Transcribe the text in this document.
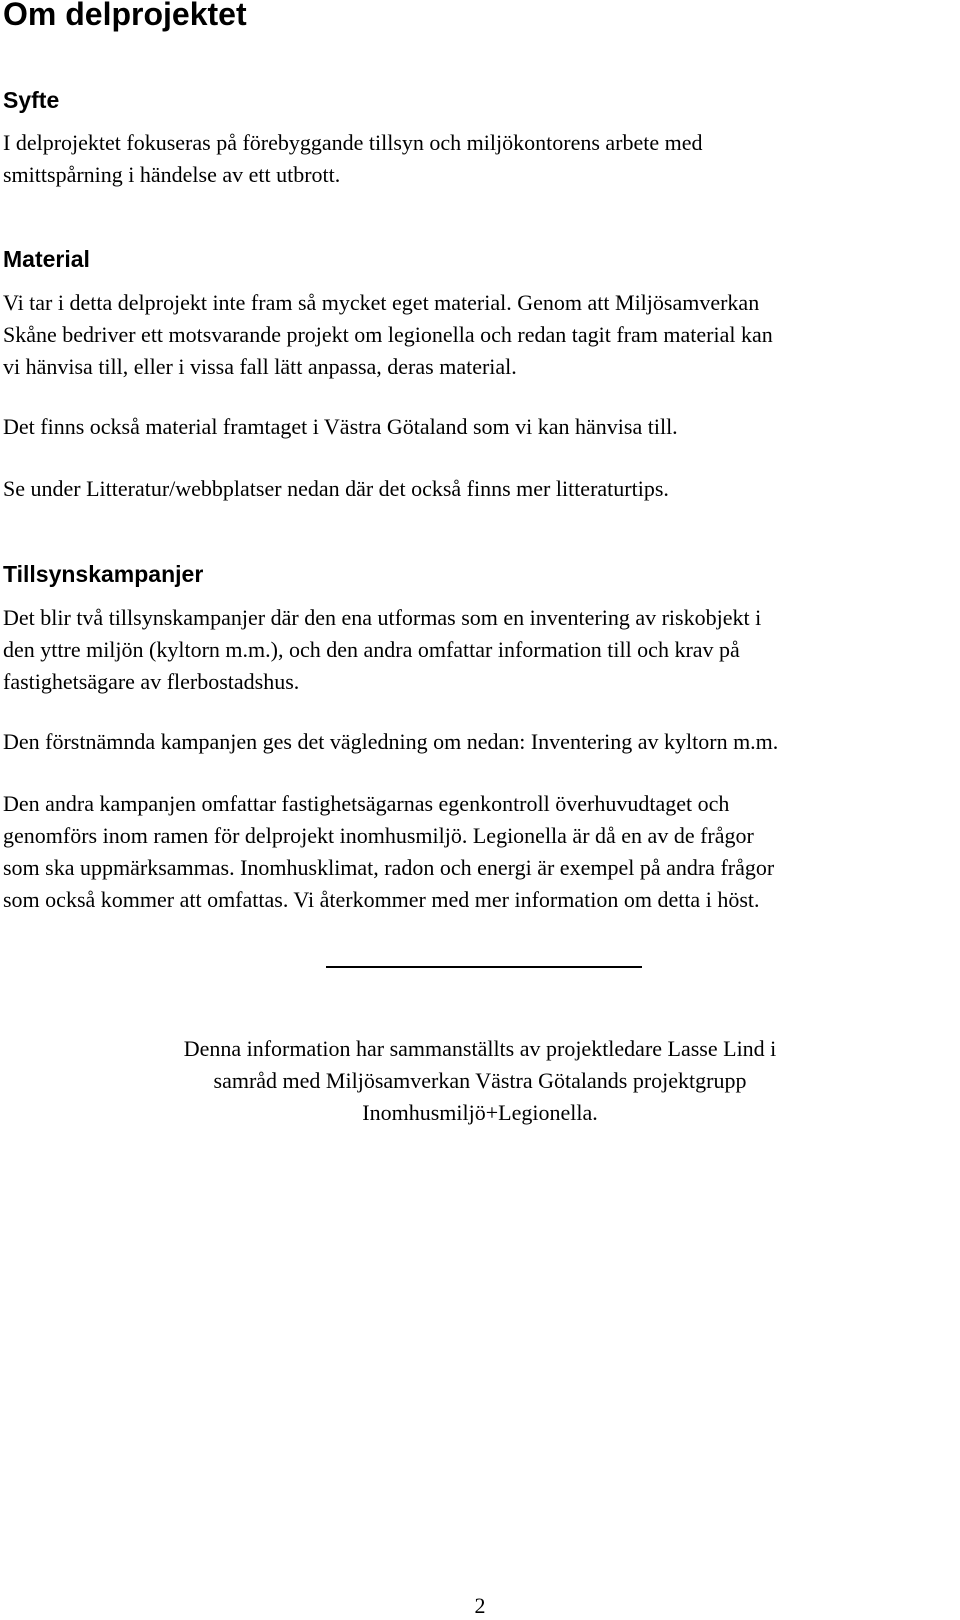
Om delprojektet
Syfte

I delprojektet fokuseras på förebyggande tillsyn och miljökontorens arbete med
smittspårning i händelse av ett utbrott.

Material

Vi tar i detta delprojekt inte fram så mycket eget material. Genom att Miljösamverkan
Skåne bedriver ett motsvarande projekt om legionella och redan tagit fram material kan
vi hänvisa till, eller i vissa fall lätt anpassa, deras material.

Det finns också material framtaget i Västra Götaland som vi kan hänvisa till.

Se under Litteratur/webbplatser nedan där det också finns mer litteraturtips.

Tillsynskampanjer

Det blir två tillsynskampanjer där den ena utformas som en inventering av riskobjekt i
den yttre miljön (kyltorn m.m.), och den andra omfattar information till och krav på
fastighetsägare av flerbostadshus.

Den förstnämnda kampanjen ges det vägledning om nedan: Inventering av kyltorn m.m.

Den andra kampanjen omfattar fastighetsägarnas egenkontroll överhuvudtaget och
genomförs inom ramen för delprojekt inomhusmiljö. Legionella är då en av de frågor
som ska uppmärksammas. Inomhusklimat, radon och energi är exempel på andra frågor
som också kommer att omfattas. Vi återkommer med mer information om detta i höst.

Denna information har sammanställts av projektledare Lasse Lind i
samråd med Miljösamverkan Västra Götalands projektgrupp
Inomhusmiljö+Legionella.

2
